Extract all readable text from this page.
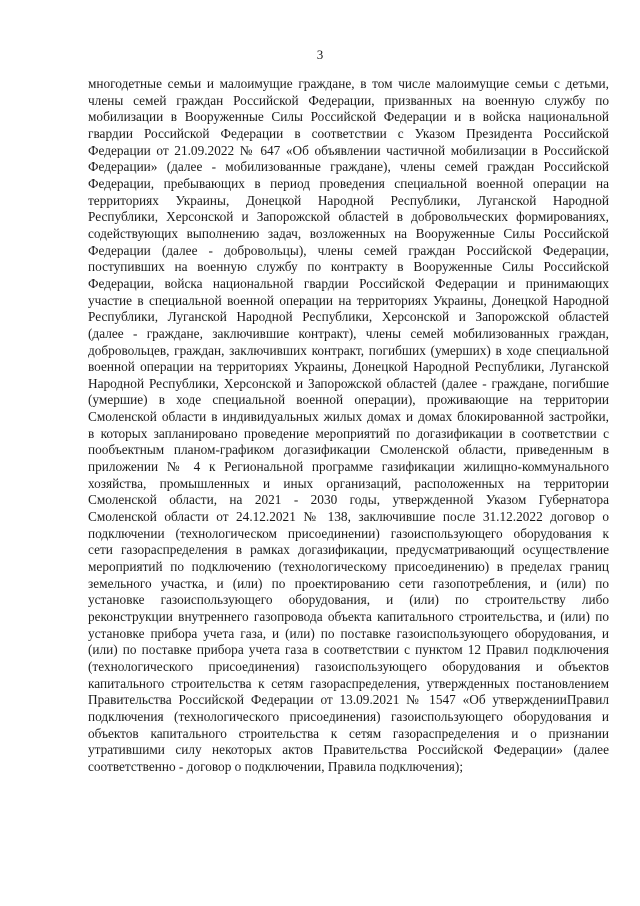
3
многодетные семьи и малоимущие граждане, в том числе малоимущие семьи с детьми,
члены семей граждан Российской Федерации, призванных на военную службу по
мобилизации в Вооруженные Силы Российской Федерации и в войска национальной
гвардии Российской Федерации в соответствии с Указом Президента Российской
Федерации от 21.09.2022 № 647 «Об объявлении частичной мобилизации в Российской
Федерации» (далее - мобилизованные граждане), члены семей граждан Российской
Федерации, пребывающих в период проведения специальной военной операции на
территориях Украины, Донецкой Народной Республики, Луганской Народной
Республики, Херсонской и Запорожской областей в добровольческих формированиях,
содействующих выполнению задач, возложенных на Вооруженные Силы Российской
Федерации (далее - добровольцы), члены семей граждан Российской Федерации,
поступивших на военную службу по контракту в Вооруженные Силы Российской
Федерации, войска национальной гвардии Российской Федерации и принимающих
участие в специальной военной операции на территориях Украины, Донецкой Народной
Республики, Луганской Народной Республики, Херсонской и Запорожской областей
(далее - граждане, заключившие контракт), члены семей мобилизованных граждан,
добровольцев, граждан, заключивших контракт, погибших (умерших) в ходе специальной
военной операции на территориях Украины, Донецкой Народной Республики, Луганской
Народной Республики, Херсонской и Запорожской областей (далее - граждане, погибшие
(умершие) в ходе специальной военной операции), проживающие на территории
Смоленской области в индивидуальных жилых домах и домах блокированной застройки,
в которых запланировано проведение мероприятий по догазификации в соответствии с
пообъектным планом-графиком догазификации Смоленской области, приведенным в
приложении № 4 к Региональной программе газификации жилищно-коммунального
хозяйства, промышленных и иных организаций, расположенных на территории
Смоленской области, на 2021 - 2030 годы, утвержденной Указом Губернатора
Смоленской области от 24.12.2021 № 138, заключившие после 31.12.2022 договор о
подключении (технологическом присоединении) газоиспользующего оборудования к
сети газораспределения в рамках догазификации, предусматривающий осуществление
мероприятий по подключению (технологическому присоединению) в пределах границ
земельного участка, и (или) по проектированию сети газопотребления, и (или) по
установке газоиспользующего оборудования, и (или) по строительству либо
реконструкции внутреннего газопровода объекта капитального строительства, и (или) по
установке прибора учета газа, и (или) по поставке газоиспользующего оборудования, и
(или) по поставке прибора учета газа в соответствии с пунктом 12 Правил подключения
(технологического присоединения) газоиспользующего оборудования и объектов
капитального строительства к сетям газораспределения, утвержденных постановлением
Правительства Российской Федерации от 13.09.2021 № 1547 «Об утвержденииПравил
подключения (технологического присоединения) газоиспользующего оборудования и
объектов капитального строительства к сетям газораспределения и о признании
утратившими силу некоторых актов Правительства Российской Федерации» (далее
соответственно - договор о подключении, Правила подключения);
